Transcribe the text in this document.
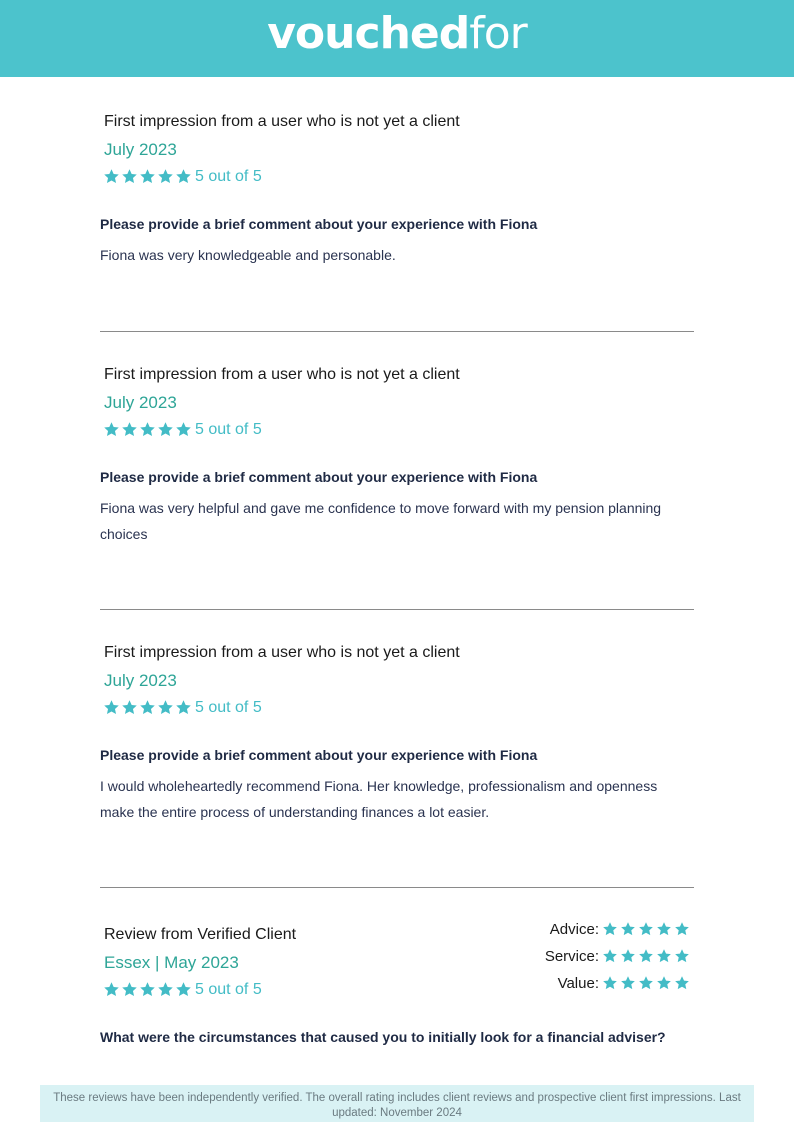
vouchedfor
First impression from a user who is not yet a client
July 2023
5 out of 5
Please provide a brief comment about your experience with Fiona
Fiona was very knowledgeable and personable.
First impression from a user who is not yet a client
July 2023
5 out of 5
Please provide a brief comment about your experience with Fiona
Fiona was very helpful and gave me confidence to move forward with my pension planning choices
First impression from a user who is not yet a client
July 2023
5 out of 5
Please provide a brief comment about your experience with Fiona
I would wholeheartedly recommend Fiona. Her knowledge, professionalism and openness make the entire process of understanding finances a lot easier.
Review from Verified Client
Essex | May 2023
5 out of 5
What were the circumstances that caused you to initially look for a financial adviser?
Advice:
Service:
Value:
These reviews have been independently verified. The overall rating includes client reviews and prospective client first impressions. Last updated: November 2024
